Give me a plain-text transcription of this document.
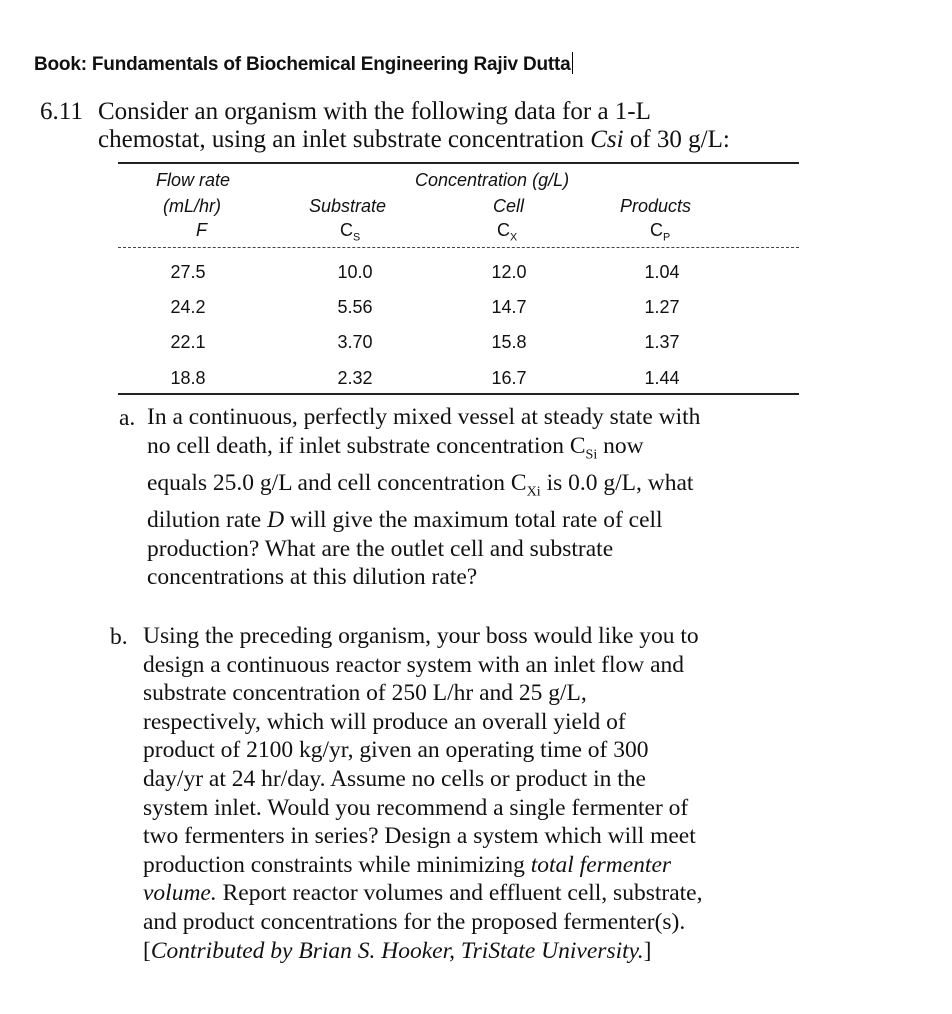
Book: Fundamentals of Biochemical Engineering Rajiv Dutta
6.11 Consider an organism with the following data for a 1-L
chemostat, using an inlet substrate concentration Csi of 30 g/L:
Flow rate	Concentration (g/L)
(mL/hr)	Substrate	Cell	Products
F	$C_S$	$C_X$	$C_P$
27.5	10.0	12.0	1.04
24.2	5.56	14.7	1.27
22.1	3.70	15.8	1.37
18.8	2.32	16.7	1.44
a. In a continuous, perfectly mixed vessel at steady state with
no cell death, if inlet substrate concentration $C_{Si}$ now
equals 25.0 g/L and cell concentration $C_{Xi}$ is 0.0 g/L, what
dilution rate D will give the maximum total rate of cell
production? What are the outlet cell and substrate
concentrations at this dilution rate?
b. Using the preceding organism, your boss would like you to
design a continuous reactor system with an inlet flow and
substrate concentration of 250 L/hr and 25 g/L,
respectively, which will produce an overall yield of
product of 2100 kg/yr, given an operating time of 300
day/yr at 24 hr/day. Assume no cells or product in the
system inlet. Would you recommend a single fermenter of
two fermenters in series? Design a system which will meet
production constraints while minimizing total fermenter
volume. Report reactor volumes and effluent cell, substrate,
and product concentrations for the proposed fermenter(s).
[Contributed by Brian S. Hooker, TriState University.]
